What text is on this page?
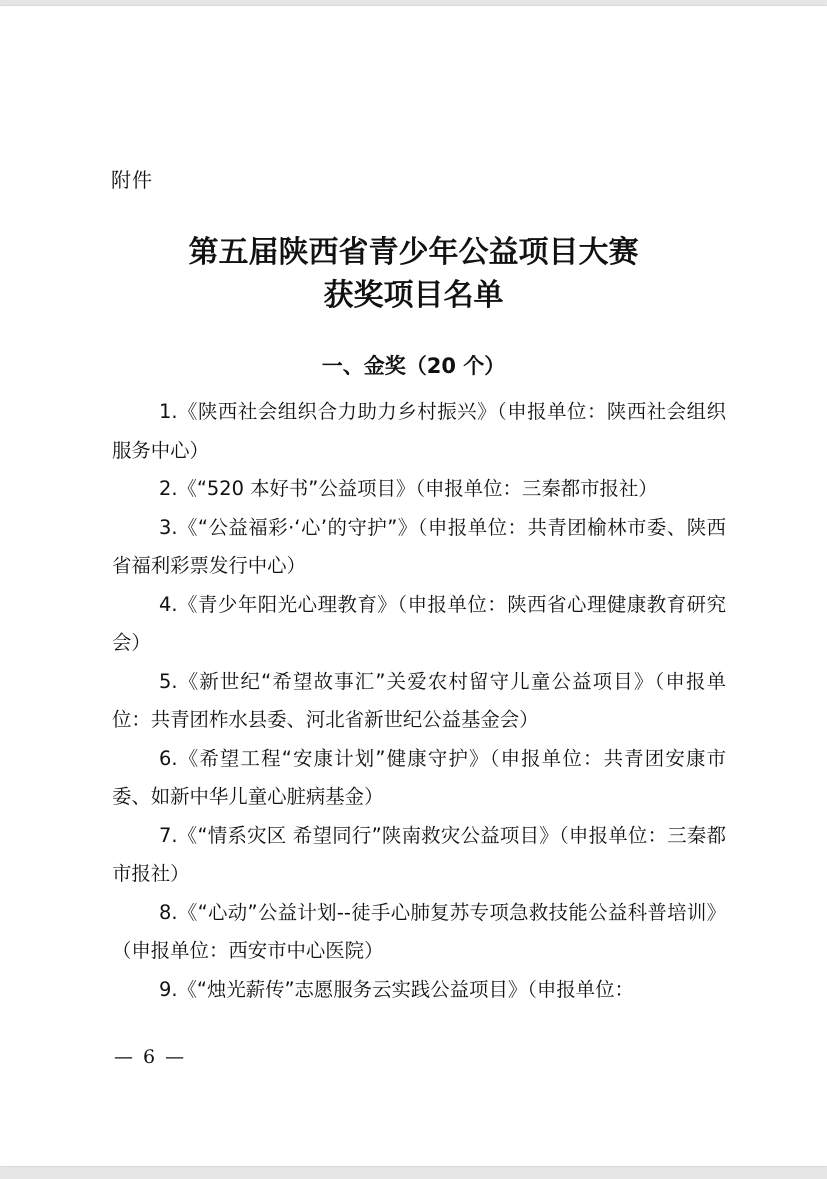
附件
第五届陕西省青少年公益项目大赛
获奖项目名单
一、金奖（20 个）

1.《陕西社会组织合力助力乡村振兴》（申报单位：陕西社会组织服务中心）

2.《“520 本好书”公益项目》（申报单位：三秦都市报社）

3.《“公益福彩·‘心’的守护”》（申报单位：共青团榆林市委、陕西省福利彩票发行中心）

4.《青少年阳光心理教育》（申报单位：陕西省心理健康教育研究会）

5.《新世纪“希望故事汇”关爱农村留守儿童公益项目》（申报单位：共青团柞水县委、河北省新世纪公益基金会）

6.《希望工程“安康计划”健康守护》（申报单位：共青团安康市委、如新中华儿童心脏病基金）

7.《“情系灾区 希望同行”陕南救灾公益项目》（申报单位：三秦都市报社）

8.《“心动”公益计划--徒手心肺复苏专项急救技能公益科普培训》（申报单位：西安市中心医院）

9.《“烛光薪传”志愿服务云实践公益项目》（申报单位：

— 6 —
